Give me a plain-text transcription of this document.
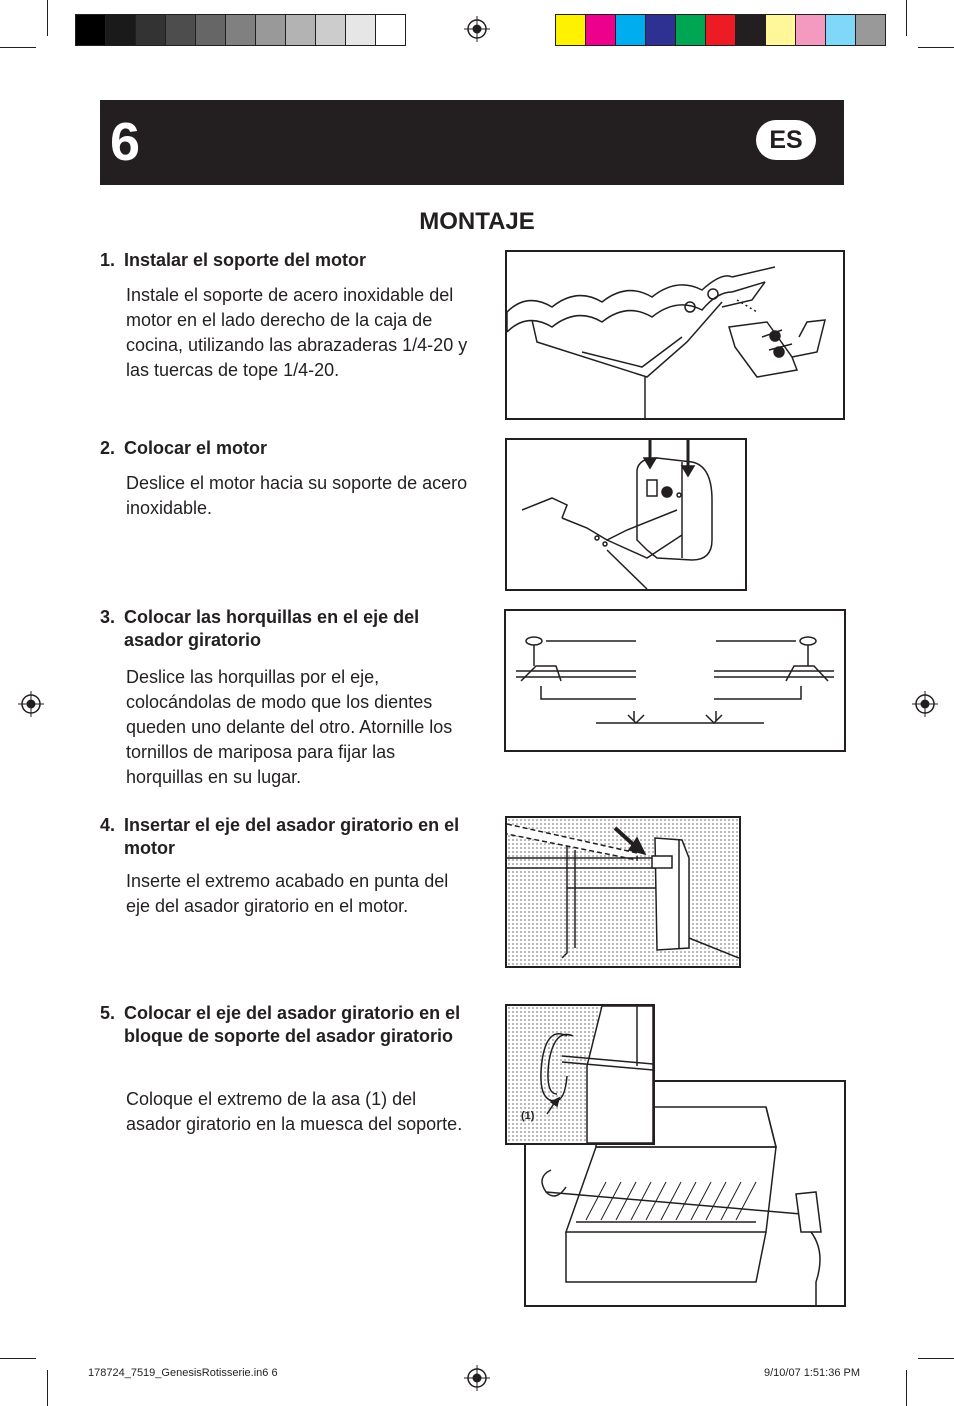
6	ES
MONTAJE
1. Instalar el soporte del motor
Instale el soporte de acero inoxidable del motor en el lado derecho de la caja de cocina, utilizando las abrazaderas 1/4-20 y las tuercas de tope 1/4-20.
2. Colocar el motor
Deslice el motor hacia su soporte de acero inoxidable.
3. Colocar las horquillas en el eje del asador giratorio
Deslice las horquillas por el eje, colocándolas de modo que los dientes queden uno delante del otro. Atornille los tornillos de mariposa para fijar las horquillas en su lugar.
4. Insertar el eje del asador giratorio en el motor
Inserte el extremo acabado en punta del eje del asador giratorio en el motor.
5. Colocar el eje del asador giratorio en el bloque de soporte del asador giratorio
Coloque el extremo de la asa (1) del asador giratorio en la muesca del soporte.	(1)
178724_7519_GenesisRotisserie.in6 6	9/10/07 1:51:36 PM
